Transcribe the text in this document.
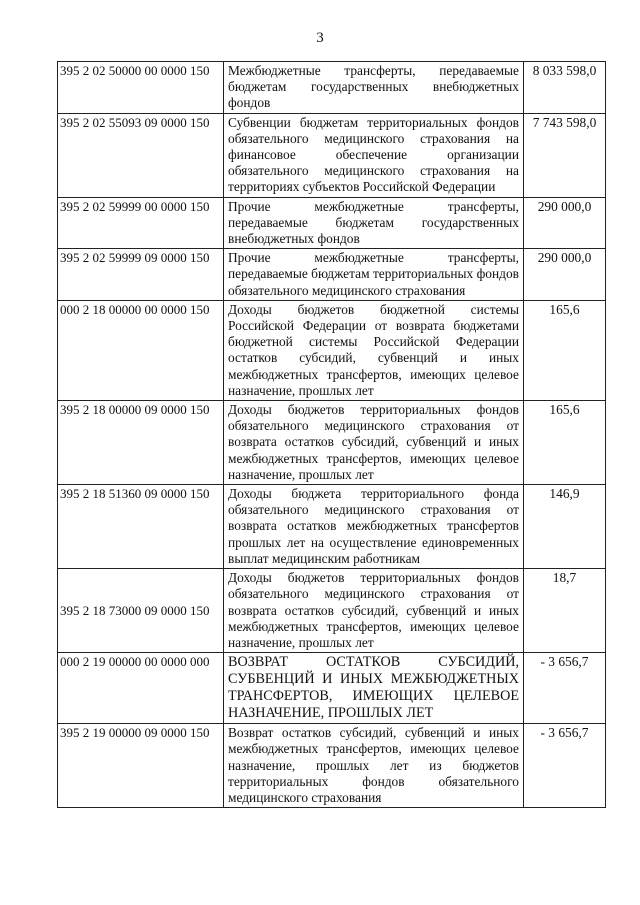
3
395 2 02 50000 00 0000 150	Межбюджетные трансферты, передаваемые бюджетам государственных внебюджетных фондов	8 033 598,0
395 2 02 55093 09 0000 150	Субвенции бюджетам территориальных фондов обязательного медицинского страхования на финансовое обеспечение организации обязательного медицинского страхования на территориях субъектов Российской Федерации	7 743 598,0
395 2 02 59999 00 0000 150	Прочие межбюджетные трансферты, передаваемые бюджетам государственных внебюджетных фондов	290 000,0
395 2 02 59999 09 0000 150	Прочие межбюджетные трансферты, передаваемые бюджетам территориальных фондов обязательного медицинского страхования	290 000,0
000 2 18 00000 00 0000 150	Доходы бюджетов бюджетной системы Российской Федерации от возврата бюджетами бюджетной системы Российской Федерации остатков субсидий, субвенций и иных межбюджетных трансфертов, имеющих целевое назначение, прошлых лет	165,6
395 2 18 00000 09 0000 150	Доходы бюджетов территориальных фондов обязательного медицинского страхования от возврата остатков субсидий, субвенций и иных межбюджетных трансфертов, имеющих целевое назначение, прошлых лет	165,6
395 2 18 51360 09 0000 150	Доходы бюджета территориального фонда обязательного медицинского страхования от возврата остатков межбюджетных трансфертов прошлых лет на осуществление единовременных выплат медицинским работникам	146,9
395 2 18 73000 09 0000 150	Доходы бюджетов территориальных фондов обязательного медицинского страхования от возврата остатков субсидий, субвенций и иных межбюджетных трансфертов, имеющих целевое назначение, прошлых лет	18,7
000 2 19 00000 00 0000 000	ВОЗВРАТ ОСТАТКОВ СУБСИДИЙ, СУБВЕНЦИЙ И ИНЫХ МЕЖБЮДЖЕТНЫХ ТРАНСФЕРТОВ, ИМЕЮЩИХ ЦЕЛЕВОЕ НАЗНАЧЕНИЕ, ПРОШЛЫХ ЛЕТ	- 3 656,7
395 2 19 00000 09 0000 150	Возврат остатков субсидий, субвенций и иных межбюджетных трансфертов, имеющих целевое назначение, прошлых лет из бюджетов территориальных фондов обязательного медицинского страхования	- 3 656,7
